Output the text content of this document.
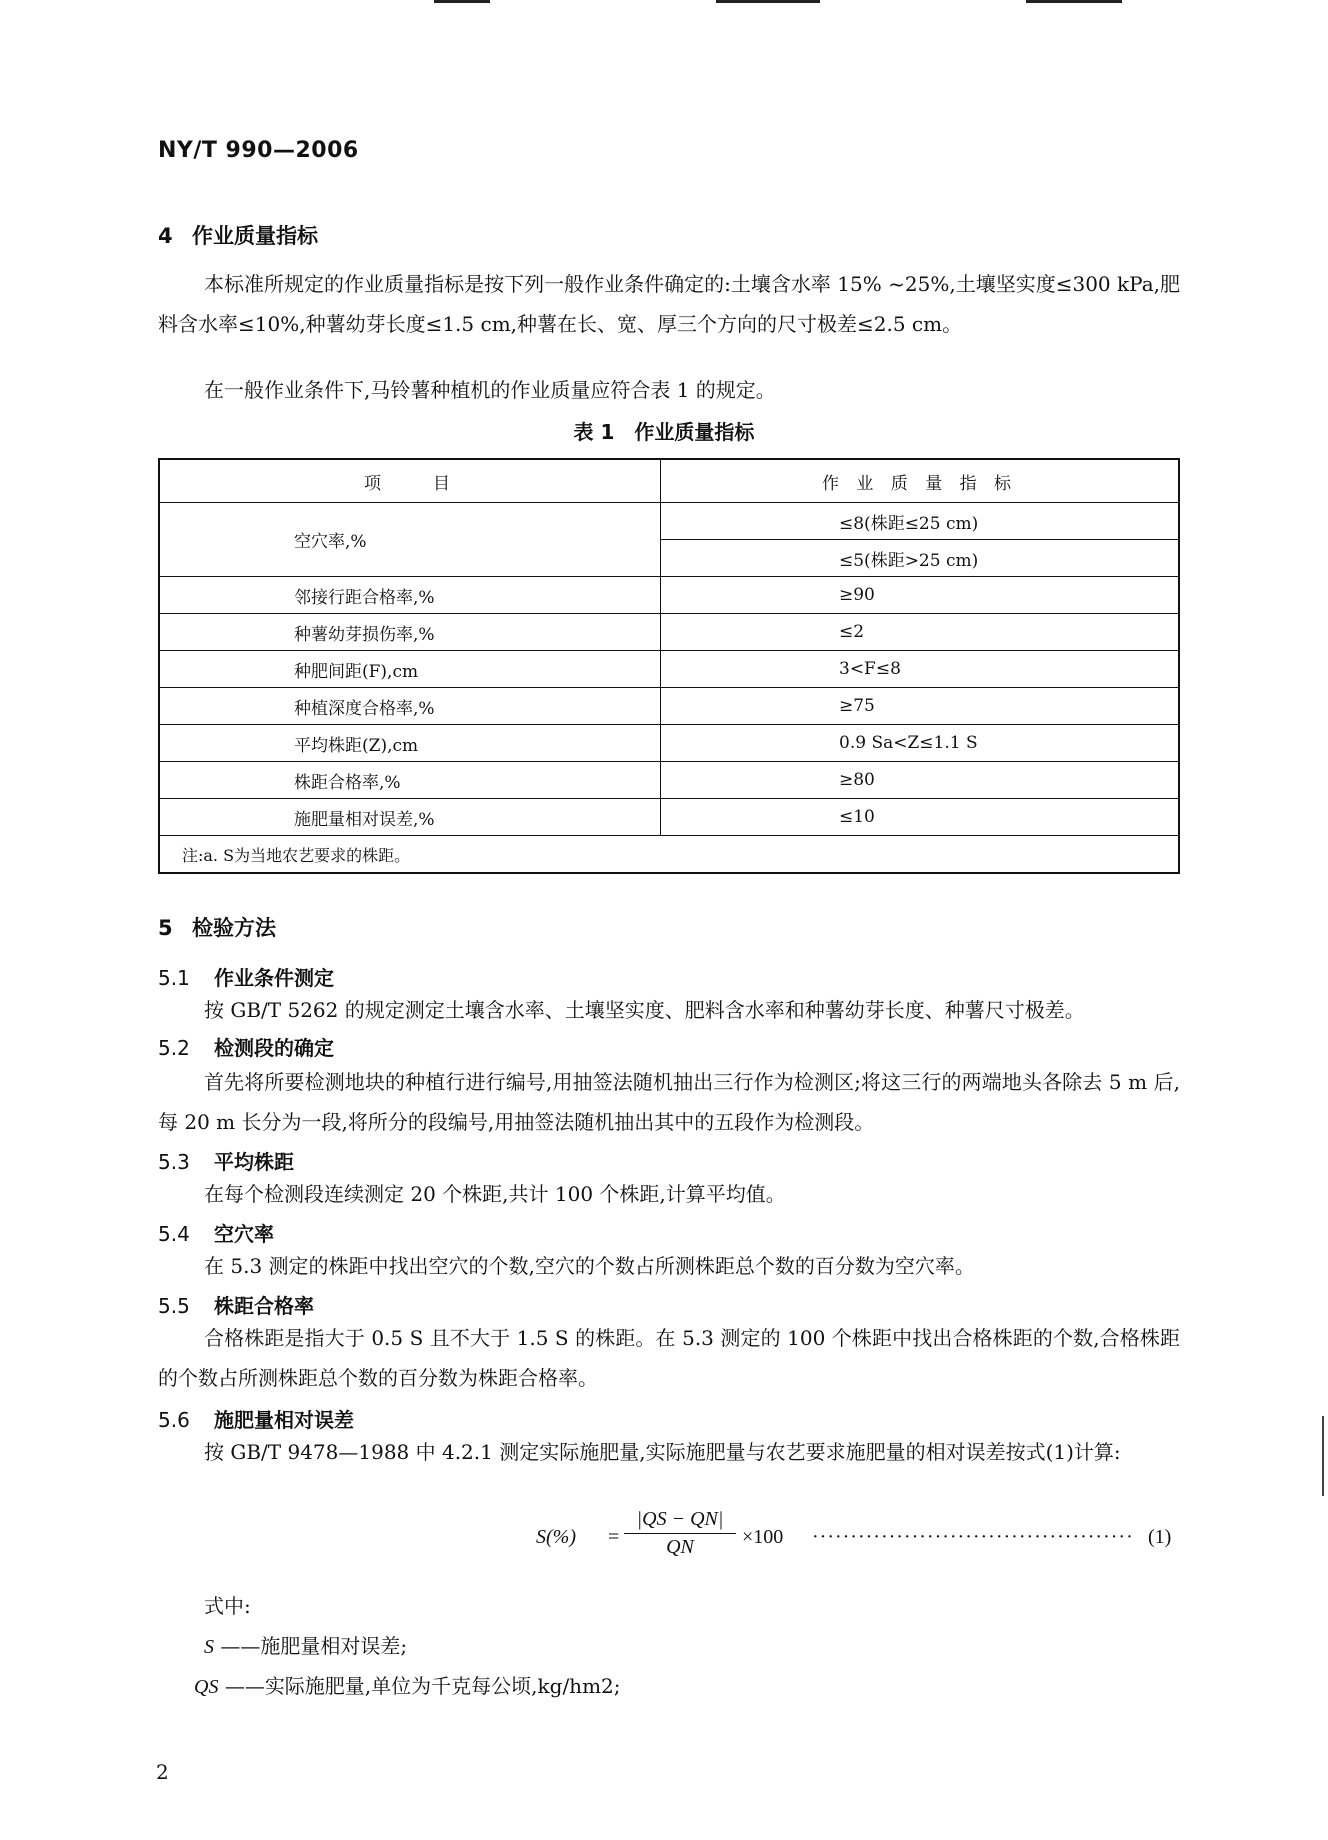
NY/T 990—2006
4 作业质量指标

本标准所规定的作业质量指标是按下列一般作业条件确定的:土壤含水率 15% ~25%,土壤坚实度≤300 kPa,肥料含水率≤10%,种薯幼芽长度≤1.5 cm,种薯在长、宽、厚三个方向的尺寸极差≤2.5 cm。

在一般作业条件下,马铃薯种植机的作业质量应符合表 1 的规定。

表 1　作业质量指标
项　　目	作 业 质 量 指 标
空穴率,%	≤8(株距≤25 cm)
	≤5(株距>25 cm)
邻接行距合格率,%	≥90
种薯幼芽损伤率,%	≤2
种肥间距(F),cm	3<F≤8
种植深度合格率,%	≥75
平均株距(Z),cm	0.9 Sa<Z≤1.1 S
株距合格率,%	≥80
施肥量相对误差,%	≤10
注:a. S为当地农艺要求的株距。	
5 检验方法
5.1 作业条件测定

按 GB/T 5262 的规定测定土壤含水率、土壤坚实度、肥料含水率和种薯幼芽长度、种薯尺寸极差。

5.2 检测段的确定

首先将所要检测地块的种植行进行编号,用抽签法随机抽出三行作为检测区;将这三行的两端地头各除去 5 m 后,每 20 m 长分为一段,将所分的段编号,用抽签法随机抽出其中的五段作为检测段。

5.3 平均株距

在每个检测段连续测定 20 个株距,共计 100 个株距,计算平均值。

5.4 空穴率

在 5.3 测定的株距中找出空穴的个数,空穴的个数占所测株距总个数的百分数为空穴率。

5.5 株距合格率

合格株距是指大于 0.5 S 且不大于 1.5 S 的株距。在 5.3 测定的 100 个株距中找出合格株距的个数,合格株距的个数占所测株距总个数的百分数为株距合格率。

5.6 施肥量相对误差

按 GB/T 9478—1988 中 4.2.1 测定实际施肥量,实际施肥量与农艺要求施肥量的相对误差按式(1)计算:

$S(\%) = \frac{|QS - QN|}{QN} \times 100$ ·········································· (1)
式中:
S ——施肥量相对误差;
QS ——实际施肥量,单位为千克每公顷,kg/hm2;
2
